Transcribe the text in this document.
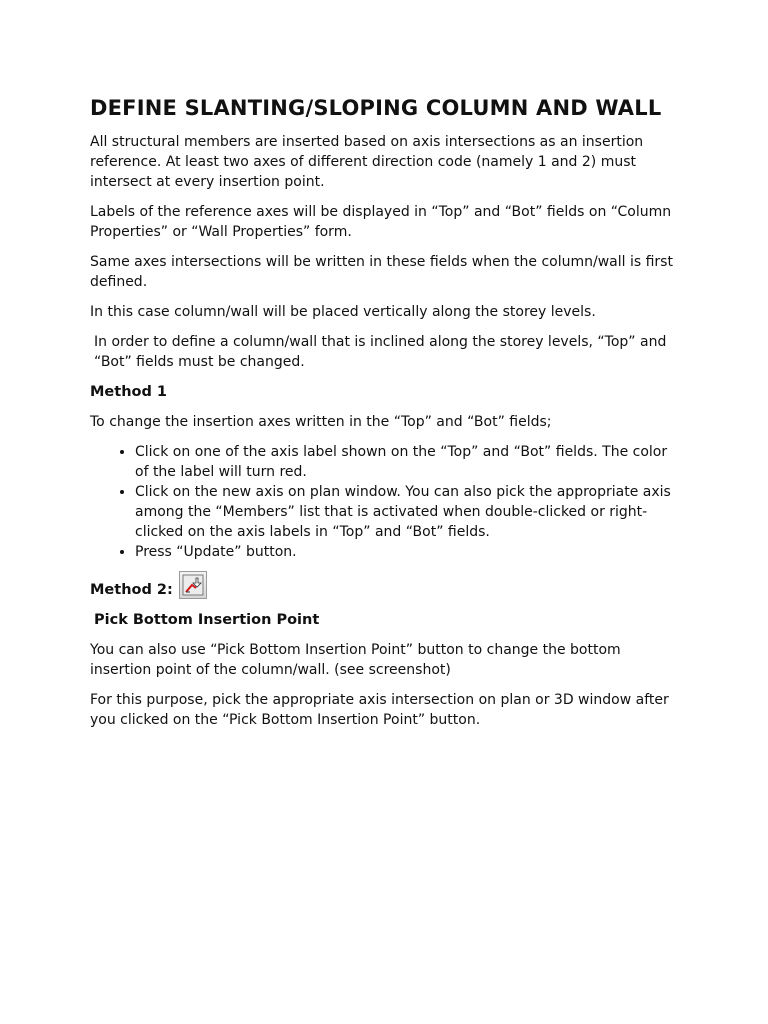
DEFINE SLANTING/SLOPING COLUMN AND WALL

All structural members are inserted based on axis intersections as an insertion reference. At least two axes of different direction code (namely 1 and 2) must intersect at every insertion point.

Labels of the reference axes will be displayed in “Top” and “Bot” fields on “Column Properties” or “Wall Properties” form.

Same axes intersections will be written in these fields when the column/wall is first defined.

In this case column/wall will be placed vertically along the storey levels.

In order to define a column/wall that is inclined along the storey levels, “Top” and “Bot” fields must be changed.

Method 1

To change the insertion axes written in the “Top” and “Bot” fields;

• Click on one of the axis label shown on the “Top” and “Bot” fields. The color of the label will turn red.
• Click on the new axis on plan window. You can also pick the appropriate axis among the “Members” list that is activated when double-clicked or right-clicked on the axis labels in “Top” and “Bot” fields.
• Press “Update” button.
Method 2:
Pick Bottom Insertion Point

You can also use “Pick Bottom Insertion Point” button to change the bottom insertion point of the column/wall. (see screenshot)

For this purpose, pick the appropriate axis intersection on plan or 3D window after you clicked on the “Pick Bottom Insertion Point” button.
